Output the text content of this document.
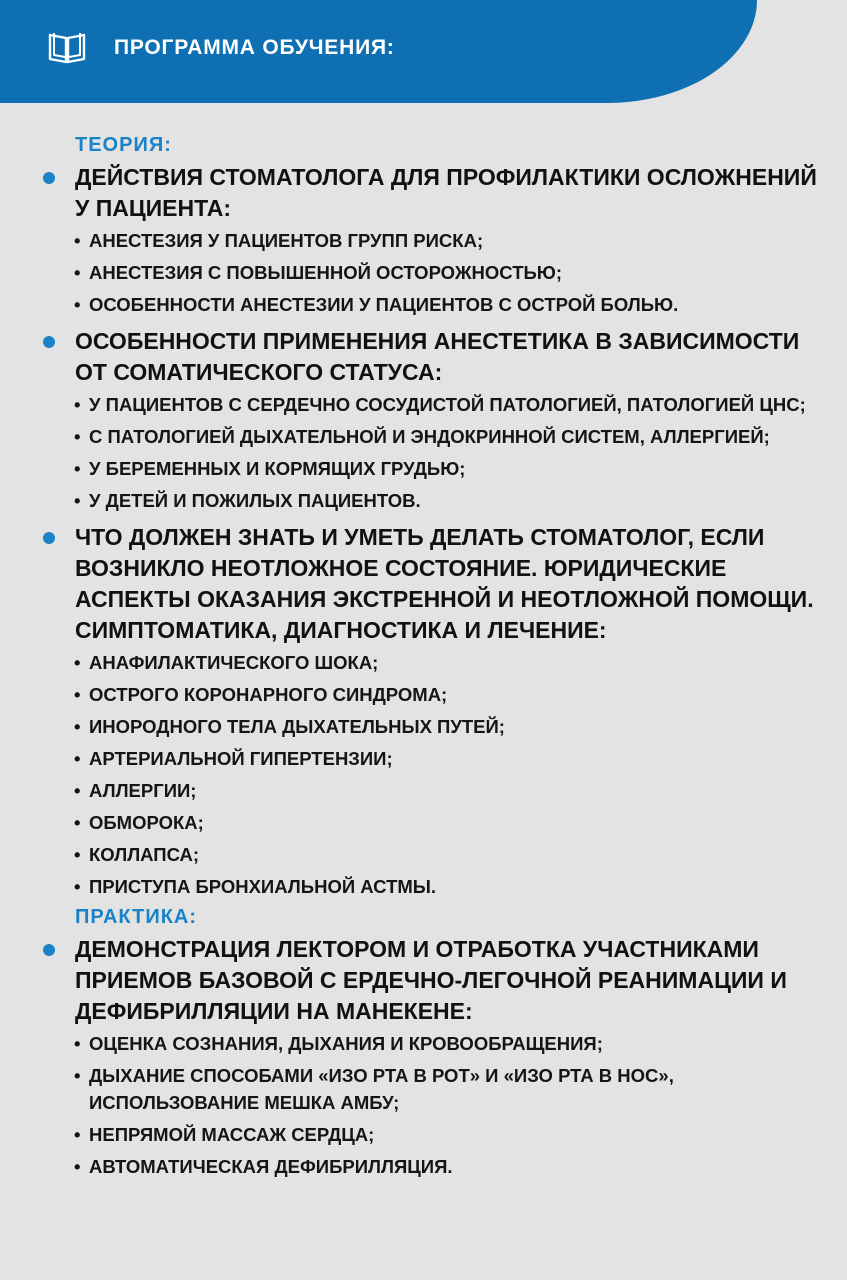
ПРОГРАММА ОБУЧЕНИЯ:
ТЕОРИЯ:
ДЕЙСТВИЯ СТОМАТОЛОГА ДЛЯ ПРОФИЛАКТИКИ ОСЛОЖНЕНИЙ У ПАЦИЕНТА:
• АНЕСТЕЗИЯ У ПАЦИЕНТОВ ГРУПП РИСКА;
• АНЕСТЕЗИЯ С ПОВЫШЕННОЙ ОСТОРОЖНОСТЬЮ;
• ОСОБЕННОСТИ АНЕСТЕЗИИ У ПАЦИЕНТОВ С ОСТРОЙ БОЛЬЮ.
ОСОБЕННОСТИ ПРИМЕНЕНИЯ АНЕСТЕТИКА В ЗАВИСИМОСТИ ОТ СОМАТИЧЕСКОГО СТАТУСА:
• У ПАЦИЕНТОВ С СЕРДЕЧНО СОСУДИСТОЙ ПАТОЛОГИЕЙ, ПАТОЛОГИЕЙ ЦНС;
• С ПАТОЛОГИЕЙ ДЫХАТЕЛЬНОЙ И ЭНДОКРИННОЙ СИСТЕМ, АЛЛЕРГИЕЙ;
• У БЕРЕМЕННЫХ И КОРМЯЩИХ ГРУДЬЮ;
• У ДЕТЕЙ И ПОЖИЛЫХ ПАЦИЕНТОВ.
ЧТО ДОЛЖЕН ЗНАТЬ И УМЕТЬ ДЕЛАТЬ СТОМАТОЛОГ, ЕСЛИ ВОЗНИКЛО НЕОТЛОЖНОЕ СОСТОЯНИЕ. ЮРИДИЧЕСКИЕ АСПЕКТЫ ОКАЗАНИЯ ЭКСТРЕННОЙ И НЕОТЛОЖНОЙ ПОМОЩИ. СИМПТОМАТИКА, ДИАГНОСТИКА И ЛЕЧЕНИЕ:
• АНАФИЛАКТИЧЕСКОГО ШОКА;
• ОСТРОГО КОРОНАРНОГО СИНДРОМА;
• ИНОРОДНОГО ТЕЛА ДЫХАТЕЛЬНЫХ ПУТЕЙ;
• АРТЕРИАЛЬНОЙ ГИПЕРТЕНЗИИ;
• АЛЛЕРГИИ;
• ОБМОРОКА;
• КОЛЛАПСА;
• ПРИСТУПА БРОНХИАЛЬНОЙ АСТМЫ.
ПРАКТИКА:
ДЕМОНСТРАЦИЯ ЛЕКТОРОМ И ОТРАБОТКА УЧАСТНИКАМИ ПРИЕМОВ БАЗОВОЙ С ЕРДЕЧНО-ЛЕГОЧНОЙ РЕАНИМАЦИИ И ДЕФИБРИЛЛЯЦИИ НА МАНЕКЕНЕ:
• ОЦЕНКА СОЗНАНИЯ, ДЫХАНИЯ И КРОВООБРАЩЕНИЯ;
• ДЫХАНИЕ СПОСОБАМИ «ИЗО РТА В РОТ» И «ИЗО РТА В НОС», ИСПОЛЬЗОВАНИЕ МЕШКА АМБУ;
• НЕПРЯМОЙ МАССАЖ СЕРДЦА;
• АВТОМАТИЧЕСКАЯ ДЕФИБРИЛЛЯЦИЯ.
